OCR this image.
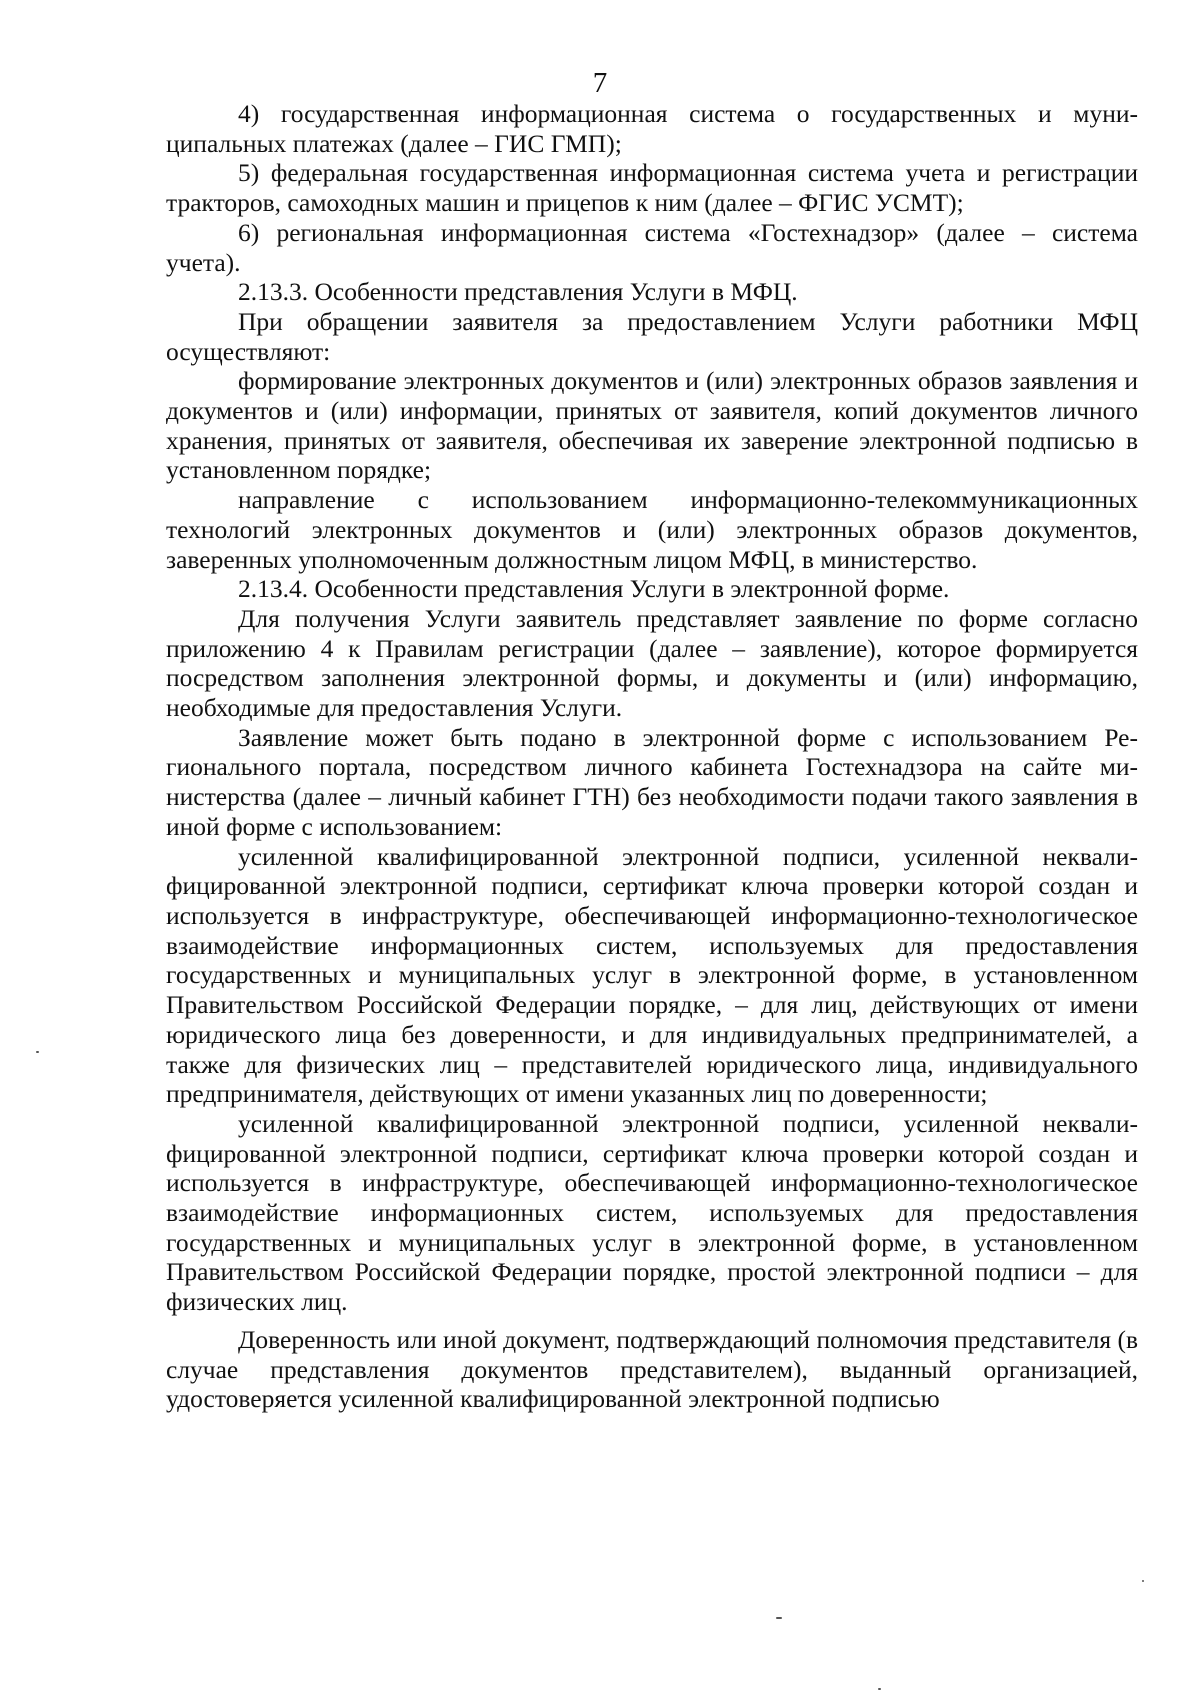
7

4) государственная информационная система о государственных и муниципальных платежах (далее – ГИС ГМП);

5) федеральная государственная информационная система учета и регистрации тракторов, самоходных машин и прицепов к ним (далее – ФГИС УСМТ);

6) региональная информационная система «Гостехнадзор» (далее – система учета).

2.13.3. Особенности представления Услуги в МФЦ.

При обращении заявителя за предоставлением Услуги работники МФЦ осуществляют:

формирование электронных документов и (или) электронных образов заявления и документов и (или) информации, принятых от заявителя, копий документов личного хранения, принятых от заявителя, обеспечивая их заверение электронной подписью в установленном порядке;

направление с использованием информационно-телекоммуникационных технологий электронных документов и (или) электронных образов документов, заверенных уполномоченным должностным лицом МФЦ, в министерство.

2.13.4. Особенности представления Услуги в электронной форме.

Для получения Услуги заявитель представляет заявление по форме согласно приложению 4 к Правилам регистрации (далее – заявление), которое формируется посредством заполнения электронной формы, и документы и (или) информацию, необходимые для предоставления Услуги.

Заявление может быть подано в электронной форме с использованием Регионального портала, посредством личного кабинета Гостехнадзора на сайте министерства (далее – личный кабинет ГТН) без необходимости подачи такого заявления в иной форме с использованием:

усиленной квалифицированной электронной подписи, усиленной неквалифицированной электронной подписи, сертификат ключа проверки которой создан и используется в инфраструктуре, обеспечивающей информационно-технологическое взаимодействие информационных систем, используемых для предоставления государственных и муниципальных услуг в электронной форме, в установленном Правительством Российской Федерации порядке, – для лиц, действующих от имени юридического лица без доверенности, и для индивидуальных предпринимателей, а также для физических лиц – представителей юридического лица, индивидуального предпринимателя, действующих от имени указанных лиц по доверенности;

усиленной квалифицированной электронной подписи, усиленной неквалифицированной электронной подписи, сертификат ключа проверки которой создан и используется в инфраструктуре, обеспечивающей информационно-технологическое взаимодействие информационных систем, используемых для предоставления государственных и муниципальных услуг в электронной форме, в установленном Правительством Российской Федерации порядке, простой электронной подписи – для физических лиц.

Доверенность или иной документ, подтверждающий полномочия представителя (в случае представления документов представителем), выданный организацией, удостоверяется усиленной квалифицированной электронной подписью
